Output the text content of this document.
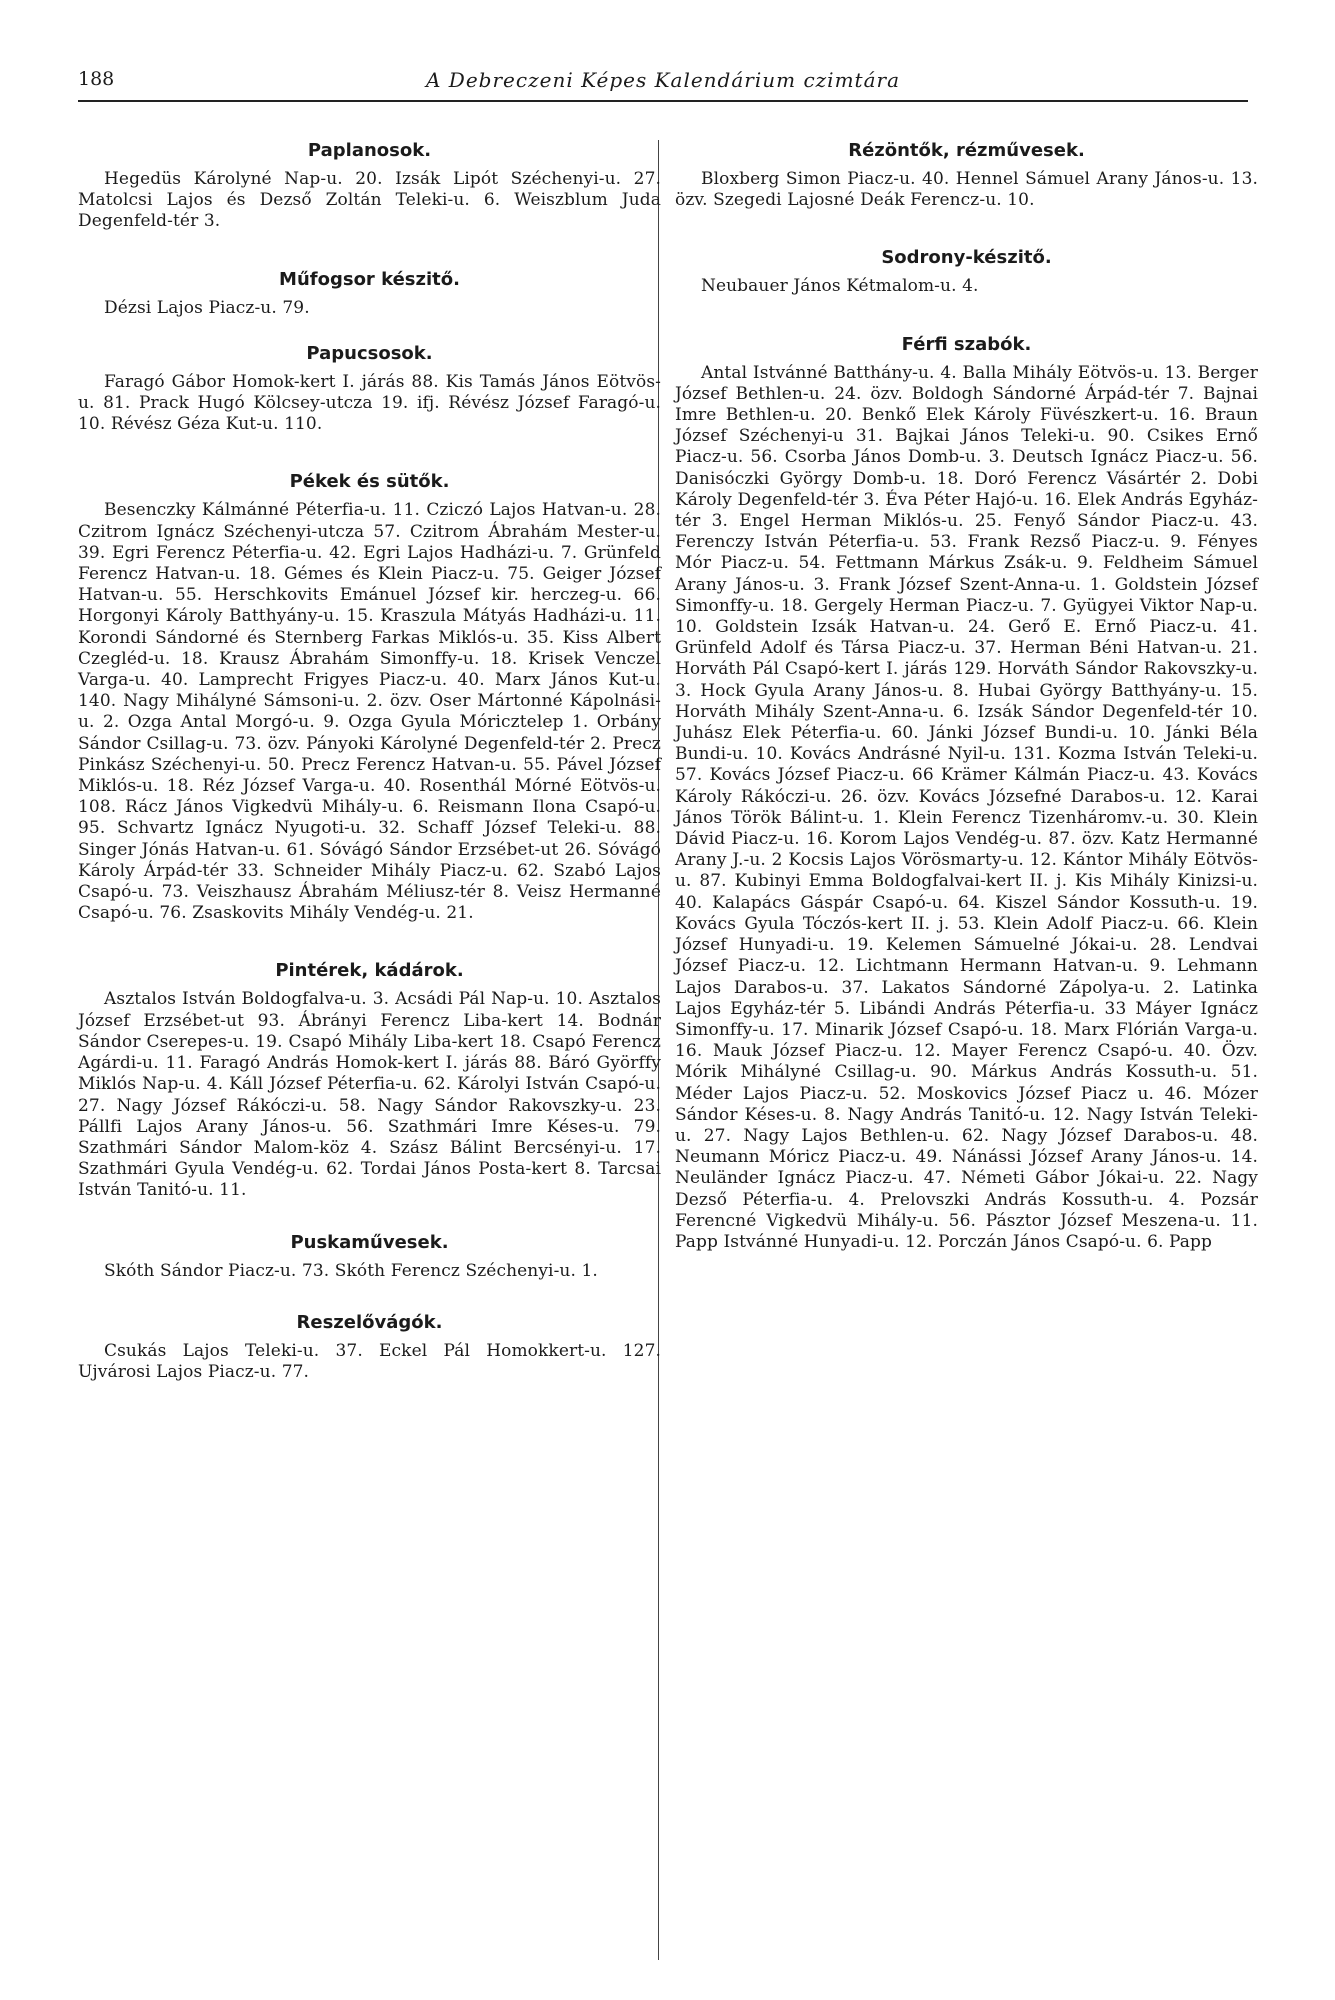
188	A Debreczeni Képes Kalendárium czimtára
Paplanosok.

Hegedüs Károlyné Nap-u. 20. Izsák Lipót Széchenyi-u. 27. Matolcsi Lajos és Dezső Zoltán Teleki-u. 6. Weiszblum Juda Degenfeld-tér 3.

Műfogsor készitő.

Dézsi Lajos Piacz-u. 79.

Papucsosok.

Faragó Gábor Homok-kert I. járás 88. Kis Tamás János Eötvös-u. 81. Prack Hugó Kölcsey-utcza 19. ifj. Révész József Faragó-u. 10. Révész Géza Kut-u. 110.

Pékek és sütők.

Besenczky Kálmánné Péterfia-u. 11. Cziczó Lajos Hatvan-u. 28. Czitrom Ignácz Széchenyi-utcza 57. Czitrom Ábrahám Mester-u. 39. Egri Ferencz Péterfia-u. 42. Egri Lajos Hadházi-u. 7. Grünfeld Ferencz Hatvan-u. 18. Gémes és Klein Piacz-u. 75. Geiger József Hatvan-u. 55. Herschkovits Emánuel József kir. herczeg-u. 66. Horgonyi Károly Batthyány-u. 15. Kraszula Mátyás Hadházi-u. 11. Korondi Sándorné és Sternberg Farkas Miklós-u. 35. Kiss Albert Czegléd-u. 18. Krausz Ábrahám Simonffy-u. 18. Krisek Venczel Varga-u. 40. Lamprecht Frigyes Piacz-u. 40. Marx János Kut-u. 140. Nagy Mihályné Sámsoni-u. 2. özv. Oser Mártonné Kápolnási-u. 2. Ozga Antal Morgó-u. 9. Ozga Gyula Móricztelep 1. Orbány Sándor Csillag-u. 73. özv. Pányoki Károlyné Degenfeld-tér 2. Precz Pinkász Széchenyi-u. 50. Precz Ferencz Hatvan-u. 55. Pável József Miklós-u. 18. Réz József Varga-u. 40. Rosenthál Mórné Eötvös-u. 108. Rácz János Vigkedvü Mihály-u. 6. Reismann Ilona Csapó-u. 95. Schvartz Ignácz Nyugoti-u. 32. Schaff József Teleki-u. 88. Singer Jónás Hatvan-u. 61. Sóvágó Sándor Erzsébet-ut 26. Sóvágó Károly Árpád-tér 33. Schneider Mihály Piacz-u. 62. Szabó Lajos Csapó-u. 73. Veiszhausz Ábrahám Méliusz-tér 8. Veisz Hermanné Csapó-u. 76. Zsaskovits Mihály Vendég-u. 21.

Pintérek, kádárok.

Asztalos István Boldogfalva-u. 3. Acsádi Pál Nap-u. 10. Asztalos József Erzsébet-ut 93. Ábrányi Ferencz Liba-kert 14. Bodnár Sándor Cserepes-u. 19. Csapó Mihály Liba-kert 18. Csapó Ferencz Agárdi-u. 11. Faragó András Homok-kert I. járás 88. Báró Györffy Miklós Nap-u. 4. Káll József Péterfia-u. 62. Károlyi István Csapó-u. 27. Nagy József Rákóczi-u. 58. Nagy Sándor Rakovszky-u. 23. Pállfi Lajos Arany János-u. 56. Szathmári Imre Késes-u. 79. Szathmári Sándor Malom-köz 4. Szász Bálint Bercsényi-u. 17. Szathmári Gyula Vendég-u. 62. Tordai János Posta-kert 8. Tarcsai István Tanitó-u. 11.

Puskaművesek.

Skóth Sándor Piacz-u. 73. Skóth Ferencz Széchenyi-u. 1.

Reszelővágók.

Csukás Lajos Teleki-u. 37. Eckel Pál Homokkert-u. 127. Ujvárosi Lajos Piacz-u. 77.

Rézöntők, rézművesek.

Bloxberg Simon Piacz-u. 40. Hennel Sámuel Arany János-u. 13. özv. Szegedi Lajosné Deák Ferencz-u. 10.

Sodrony-készitő.

Neubauer János Kétmalom-u. 4.

Férfi szabók.

Antal Istvánné Batthány-u. 4. Balla Mihály Eötvös-u. 13. Berger József Bethlen-u. 24. özv. Boldogh Sándorné Árpád-tér 7. Bajnai Imre Bethlen-u. 20. Benkő Elek Károly Füvészkert-u. 16. Braun József Széchenyi-u 31. Bajkai János Teleki-u. 90. Csikes Ernő Piacz-u. 56. Csorba János Domb-u. 3. Deutsch Ignácz Piacz-u. 56. Danisóczki György Domb-u. 18. Doró Ferencz Vásártér 2. Dobi Károly Degenfeld-tér 3. Éva Péter Hajó-u. 16. Elek András Egyház-tér 3. Engel Herman Miklós-u. 25. Fenyő Sándor Piacz-u. 43. Ferenczy István Péterfia-u. 53. Frank Rezső Piacz-u. 9. Fényes Mór Piacz-u. 54. Fettmann Márkus Zsák-u. 9. Feldheim Sámuel Arany János-u. 3. Frank József Szent-Anna-u. 1. Goldstein József Simonffy-u. 18. Gergely Herman Piacz-u. 7. Gyügyei Viktor Nap-u. 10. Goldstein Izsák Hatvan-u. 24. Gerő E. Ernő Piacz-u. 41. Grünfeld Adolf és Társa Piacz-u. 37. Herman Béni Hatvan-u. 21. Horváth Pál Csapó-kert I. járás 129. Horváth Sándor Rakovszky-u. 3. Hock Gyula Arany János-u. 8. Hubai György Batthyány-u. 15. Horváth Mihály Szent-Anna-u. 6. Izsák Sándor Degenfeld-tér 10. Juhász Elek Péterfia-u. 60. Jánki József Bundi-u. 10. Jánki Béla Bundi-u. 10. Kovács Andrásné Nyil-u. 131. Kozma István Teleki-u. 57. Kovács József Piacz-u. 66 Krämer Kálmán Piacz-u. 43. Kovács Károly Rákóczi-u. 26. özv. Kovács Józsefné Darabos-u. 12. Karai János Török Bálint-u. 1. Klein Ferencz Tizenháromv.-u. 30. Klein Dávid Piacz-u. 16. Korom Lajos Vendég-u. 87. özv. Katz Hermanné Arany J.-u. 2 Kocsis Lajos Vörösmarty-u. 12. Kántor Mihály Eötvös-u. 87. Kubinyi Emma Boldogfalvai-kert II. j. Kis Mihály Kinizsi-u. 40. Kalapács Gáspár Csapó-u. 64. Kiszel Sándor Kossuth-u. 19. Kovács Gyula Tóczós-kert II. j. 53. Klein Adolf Piacz-u. 66. Klein József Hunyadi-u. 19. Kelemen Sámuelné Jókai-u. 28. Lendvai József Piacz-u. 12. Lichtmann Hermann Hatvan-u. 9. Lehmann Lajos Darabos-u. 37. Lakatos Sándorné Zápolya-u. 2. Latinka Lajos Egyház-tér 5. Libándi András Péterfia-u. 33 Máyer Ignácz Simonffy-u. 17. Minarik József Csapó-u. 18. Marx Flórián Varga-u. 16. Mauk József Piacz-u. 12. Mayer Ferencz Csapó-u. 40. Özv. Mórik Mihályné Csillag-u. 90. Márkus András Kossuth-u. 51. Méder Lajos Piacz-u. 52. Moskovics József Piacz u. 46. Mózer Sándor Késes-u. 8. Nagy András Tanitó-u. 12. Nagy István Teleki-u. 27. Nagy Lajos Bethlen-u. 62. Nagy József Darabos-u. 48. Neumann Móricz Piacz-u. 49. Nánássi József Arany János-u. 14. Neuländer Ignácz Piacz-u. 47. Németi Gábor Jókai-u. 22. Nagy Dezső Péterfia-u. 4. Prelovszki András Kossuth-u. 4. Pozsár Ferencné Vigkedvü Mihály-u. 56. Pásztor József Meszena-u. 11. Papp Istvánné Hunyadi-u. 12. Porczán János Csapó-u. 6. Papp
